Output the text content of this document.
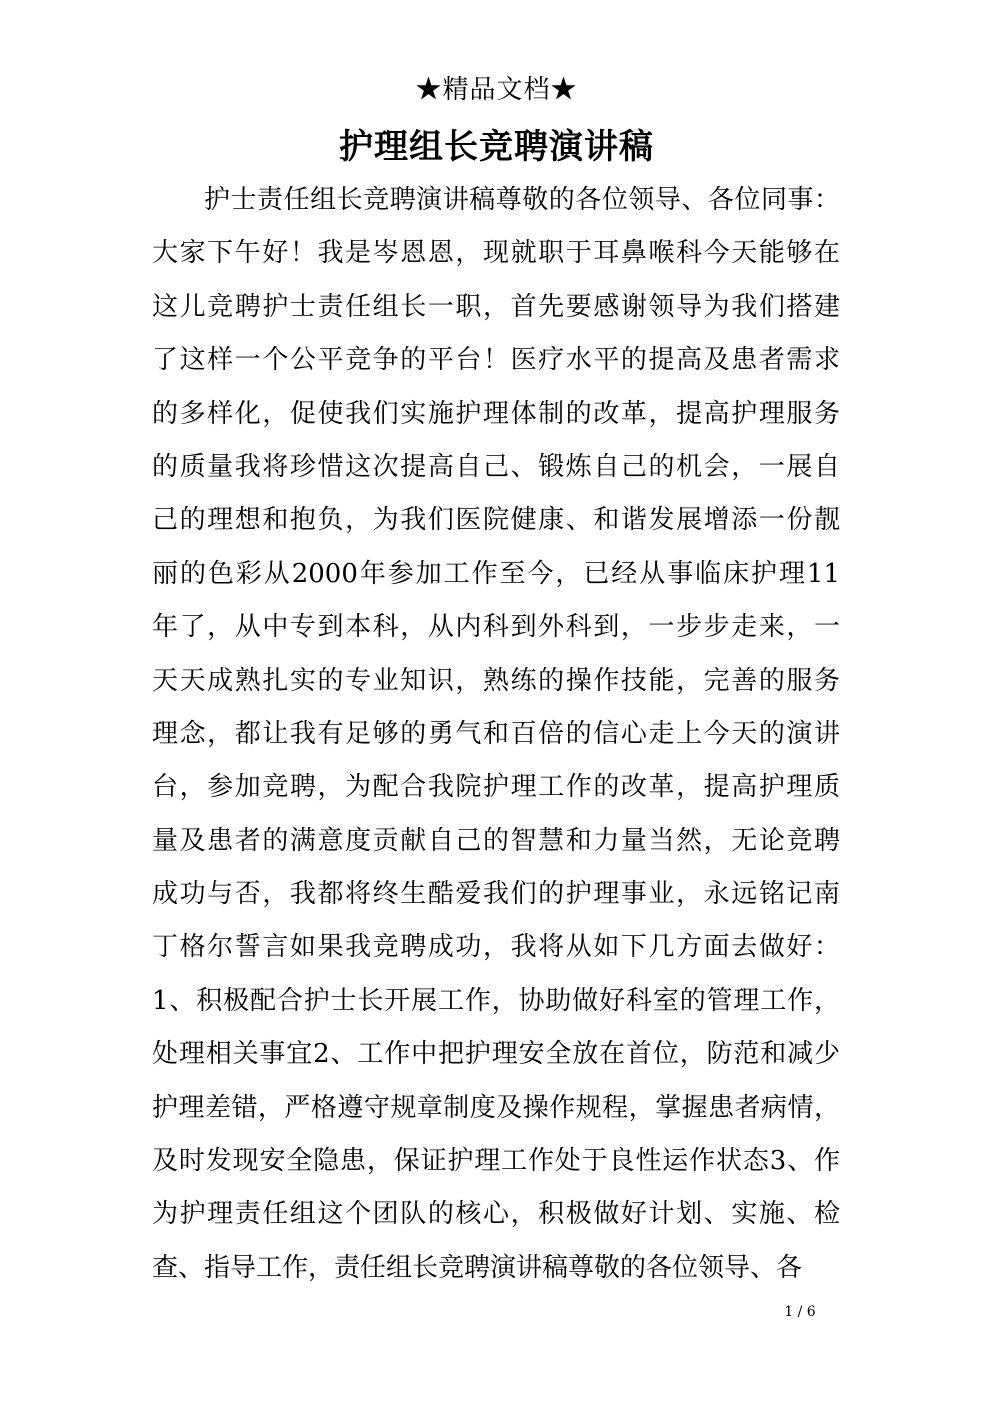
★精品文档★
护理组长竞聘演讲稿
护士责任组长竞聘演讲稿尊敬的各位领导、各位同事：
大家下午好！我是岑恩恩，现就职于耳鼻喉科今天能够在
这儿竞聘护士责任组长一职，首先要感谢领导为我们搭建
了这样一个公平竞争的平台！医疗水平的提高及患者需求
的多样化，促使我们实施护理体制的改革，提高护理服务
的质量我将珍惜这次提高自己、锻炼自己的机会，一展自
己的理想和抱负，为我们医院健康、和谐发展增添一份靓
丽的色彩从2000年参加工作至今，已经从事临床护理11
年了，从中专到本科，从内科到外科到，一步步走来，一
天天成熟扎实的专业知识，熟练的操作技能，完善的服务
理念，都让我有足够的勇气和百倍的信心走上今天的演讲
台，参加竞聘，为配合我院护理工作的改革，提高护理质
量及患者的满意度贡献自己的智慧和力量当然，无论竞聘
成功与否，我都将终生酷爱我们的护理事业，永远铭记南
丁格尔誓言如果我竞聘成功，我将从如下几方面去做好：
1、积极配合护士长开展工作，协助做好科室的管理工作，
处理相关事宜2、工作中把护理安全放在首位，防范和减少
护理差错，严格遵守规章制度及操作规程，掌握患者病情，
及时发现安全隐患，保证护理工作处于良性运作状态3、作
为护理责任组这个团队的核心，积极做好计划、实施、检
查、指导工作，责任组长竞聘演讲稿尊敬的各位领导、各
1 / 6
